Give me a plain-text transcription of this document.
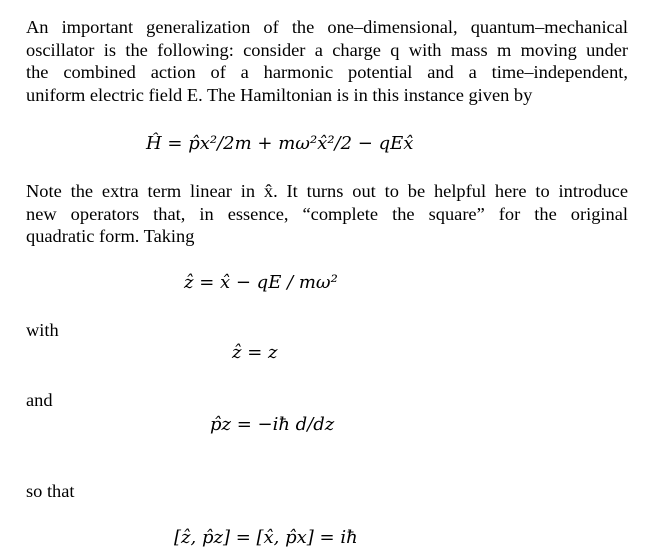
An important generalization of the one–dimensional, quantum–mechanical
oscillator is the following: consider a charge q with mass m moving under
the combined action of a harmonic potential and a time–independent,
uniform electric field E. The Hamiltonian is in this instance given by

Ĥ = p̂x²/2m + mω²x̂²/2 − qEx̂

Note the extra term linear in x̂. It turns out to be helpful here to introduce
new operators that, in essence, “complete the square” for the original
quadratic form. Taking

ẑ = x̂ − qE / mω²
with
ẑ = z
and
p̂z = −iħ d/dz
so that
[ẑ, p̂z] = [x̂, p̂x] = iħ
